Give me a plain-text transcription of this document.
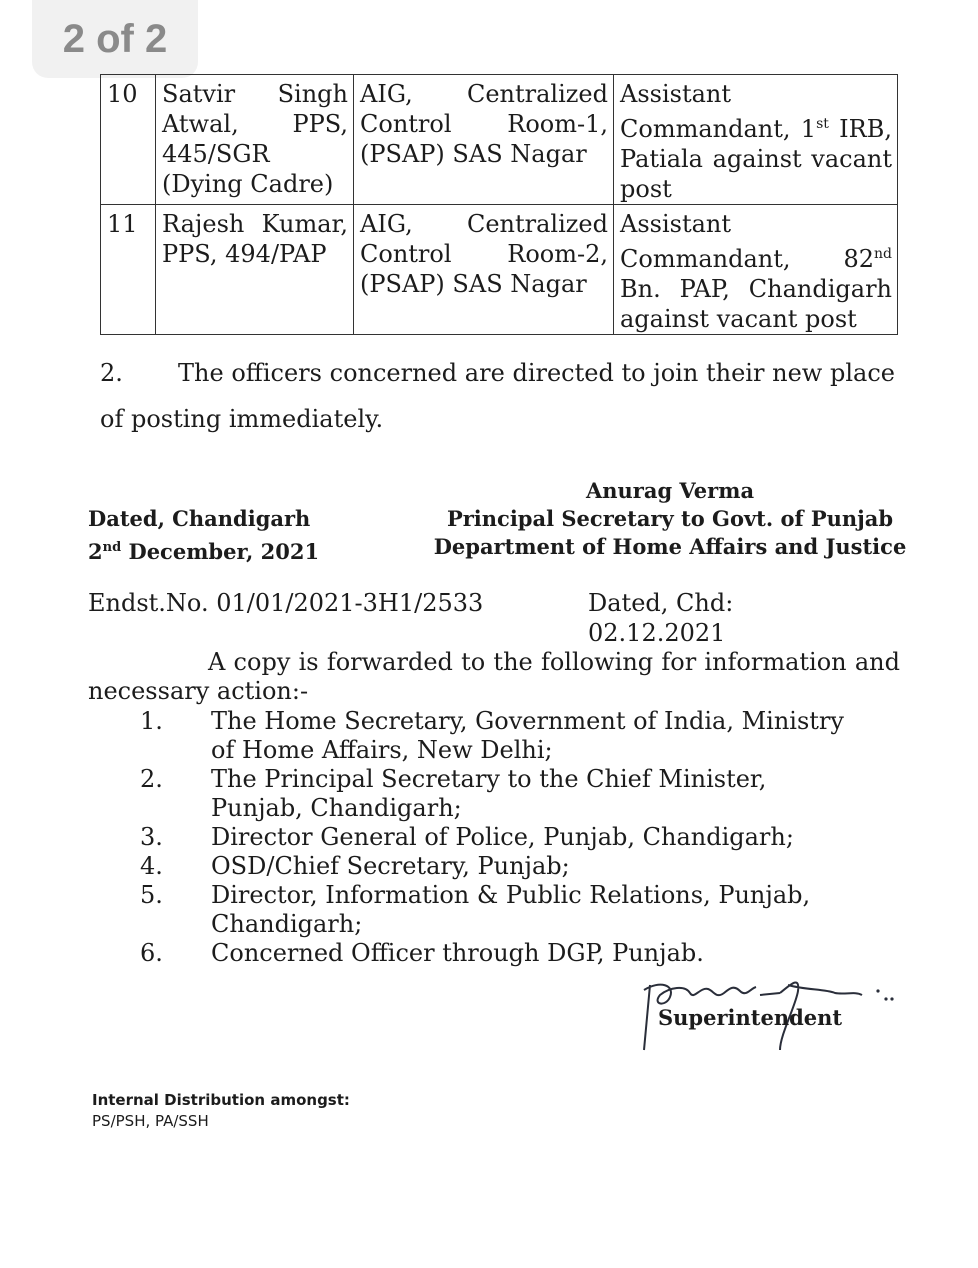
2 of 2
10	Satvir Singh Atwal, PPS, 445/SGR (Dying Cadre)	AIG, Centralized Control Room-1, (PSAP) SAS Nagar	Assistant Commandant, 1st IRB, Patiala against vacant post
11	Rajesh Kumar, PPS, 494/PAP	AIG, Centralized Control Room-2, (PSAP) SAS Nagar	Assistant Commandant, 82nd Bn. PAP, Chandigarh against vacant post
2. The officers concerned are directed to join their new place of posting immediately.
Dated, Chandigarh
2nd December, 2021
Anurag Verma
Principal Secretary to Govt. of Punjab
Department of Home Affairs and Justice
Endst.No. 01/01/2021-3H1/2533	Dated, Chd: 02.12.2021
A copy is forwarded to the following for information and necessary action:-
1.	The Home Secretary, Government of India, Ministry of Home Affairs, New Delhi;
2.	The Principal Secretary to the Chief Minister, Punjab, Chandigarh;
3.	Director General of Police, Punjab, Chandigarh;
4.	OSD/Chief Secretary, Punjab;
5.	Director, Information & Public Relations, Punjab, Chandigarh;
6.	Concerned Officer through DGP, Punjab.
Superintendent
Internal Distribution amongst:
PS/PSH, PA/SSH
